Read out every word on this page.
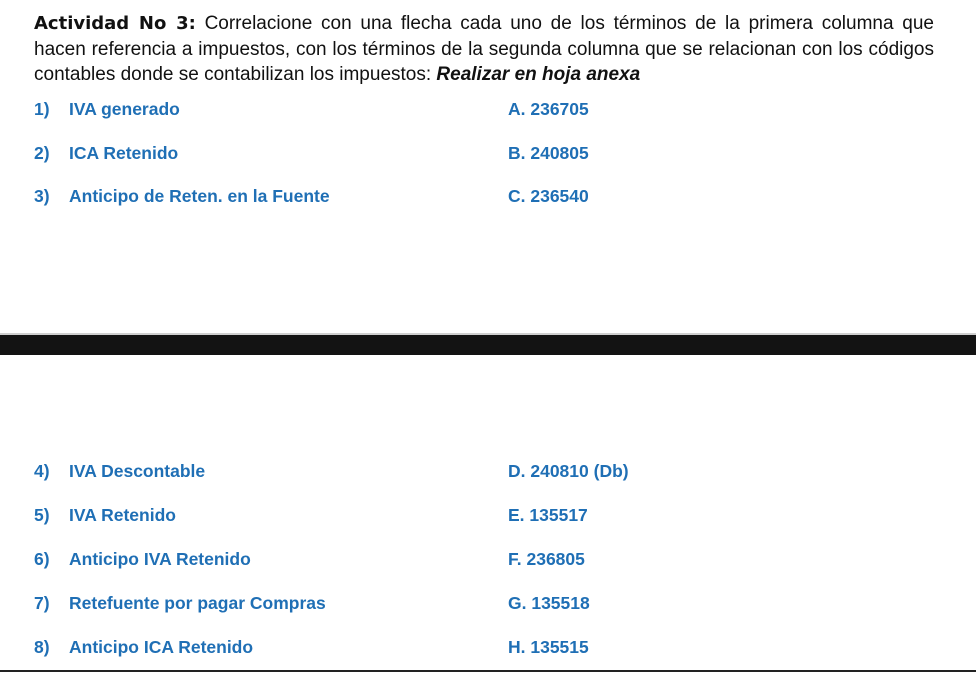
Actividad No 3: Correlacione con una flecha cada uno de los términos de la primera columna que hacen referencia a impuestos, con los términos de la segunda columna que se relacionan con los códigos contables donde se contabilizan los impuestos: Realizar en hoja anexa
1) IVA generado	A. 236705
2) ICA Retenido	B. 240805
3) Anticipo de Reten. en la Fuente	C. 236540
4) IVA Descontable	D. 240810 (Db)
5) IVA Retenido	E. 135517
6) Anticipo IVA Retenido	F. 236805
7) Retefuente por pagar Compras	G. 135518
8) Anticipo ICA Retenido	H. 135515
